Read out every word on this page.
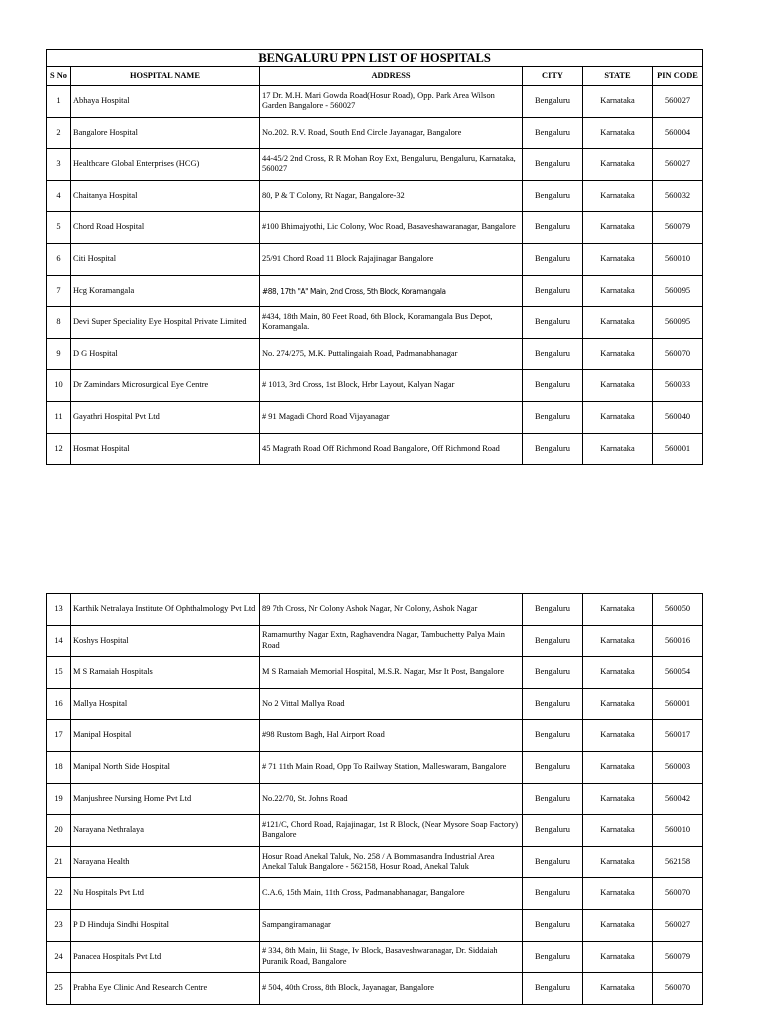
BENGALURU PPN LIST OF HOSPITALS					
S No	HOSPITAL NAME	ADDRESS	CITY	STATE	PIN CODE
1	Abhaya Hospital	17 Dr. M.H. Mari Gowda Road(Hosur Road), Opp. Park Area Wilson Garden Bangalore - 560027	Bengaluru	Karnataka	560027
2	Bangalore Hospital	No.202. R.V. Road, South End Circle Jayanagar, Bangalore	Bengaluru	Karnataka	560004
3	Healthcare Global Enterprises (HCG)	44-45/2 2nd Cross, R R Mohan Roy Ext, Bengaluru, Bengaluru, Karnataka, 560027	Bengaluru	Karnataka	560027
4	Chaitanya Hospital	80, P & T Colony, Rt Nagar, Bangalore-32	Bengaluru	Karnataka	560032
5	Chord Road Hospital	#100 Bhimajyothi, Lic Colony, Woc Road, Basaveshawaranagar, Bangalore	Bengaluru	Karnataka	560079
6	Citi Hospital	25/91 Chord Road 11 Block Rajajinagar Bangalore	Bengaluru	Karnataka	560010
7	Hcg Koramangala	#88, 17th "A" Main, 2nd Cross, 5th Block, Koramangala	Bengaluru	Karnataka	560095
8	Devi Super Speciality Eye Hospital Private Limited	#434, 18th Main, 80 Feet Road, 6th Block, Koramangala Bus Depot, Koramangala.	Bengaluru	Karnataka	560095
9	D G Hospital	No. 274/275, M.K. Puttalingaiah Road, Padmanabhanagar	Bengaluru	Karnataka	560070
10	Dr Zamindars Microsurgical Eye Centre	# 1013, 3rd Cross, 1st Block, Hrbr Layout, Kalyan Nagar	Bengaluru	Karnataka	560033
11	Gayathri Hospital Pvt Ltd	# 91 Magadi Chord Road Vijayanagar	Bengaluru	Karnataka	560040
12	Hosmat Hospital	45 Magrath Road Off Richmond Road Bangalore, Off Richmond Road	Bengaluru	Karnataka	560001
13	Karthik Netralaya Institute Of Ophthalmology Pvt Ltd	89 7th Cross, Nr Colony Ashok Nagar, Nr Colony, Ashok Nagar	Bengaluru	Karnataka	560050
14	Koshys Hospital	Ramamurthy Nagar Extn, Raghavendra Nagar, Tambuchetty Palya Main Road	Bengaluru	Karnataka	560016
15	M S Ramaiah Hospitals	M S Ramaiah Memorial Hospital, M.S.R. Nagar, Msr It Post, Bangalore	Bengaluru	Karnataka	560054
16	Mallya Hospital	No 2 Vittal Mallya Road	Bengaluru	Karnataka	560001
17	Manipal Hospital	#98 Rustom Bagh, Hal Airport Road	Bengaluru	Karnataka	560017
18	Manipal North Side Hospital	# 71 11th Main Road, Opp To Railway Station, Malleswaram, Bangalore	Bengaluru	Karnataka	560003
19	Manjushree Nursing Home Pvt Ltd	No.22/70, St. Johns Road	Bengaluru	Karnataka	560042
20	Narayana Nethralaya	#121/C, Chord Road, Rajajinagar, 1st R Block, (Near Mysore Soap Factory) Bangalore	Bengaluru	Karnataka	560010
21	Narayana Health	Hosur Road Anekal Taluk, No. 258 / A Bommasandra Industrial Area Anekal Taluk Bangalore - 562158, Hosur Road, Anekal Taluk	Bengaluru	Karnataka	562158
22	Nu Hospitals Pvt Ltd	C.A.6, 15th Main, 11th Cross, Padmanabhanagar, Bangalore	Bengaluru	Karnataka	560070
23	P D Hinduja Sindhi Hospital	Sampangiramanagar	Bengaluru	Karnataka	560027
24	Panacea Hospitals Pvt Ltd	# 334, 8th Main, Iii Stage, Iv Block, Basaveshwaranagar, Dr. Siddaiah Puranik Road, Bangalore	Bengaluru	Karnataka	560079
25	Prabha Eye Clinic And Research Centre	# 504, 40th Cross, 8th Block, Jayanagar, Bangalore	Bengaluru	Karnataka	560070
